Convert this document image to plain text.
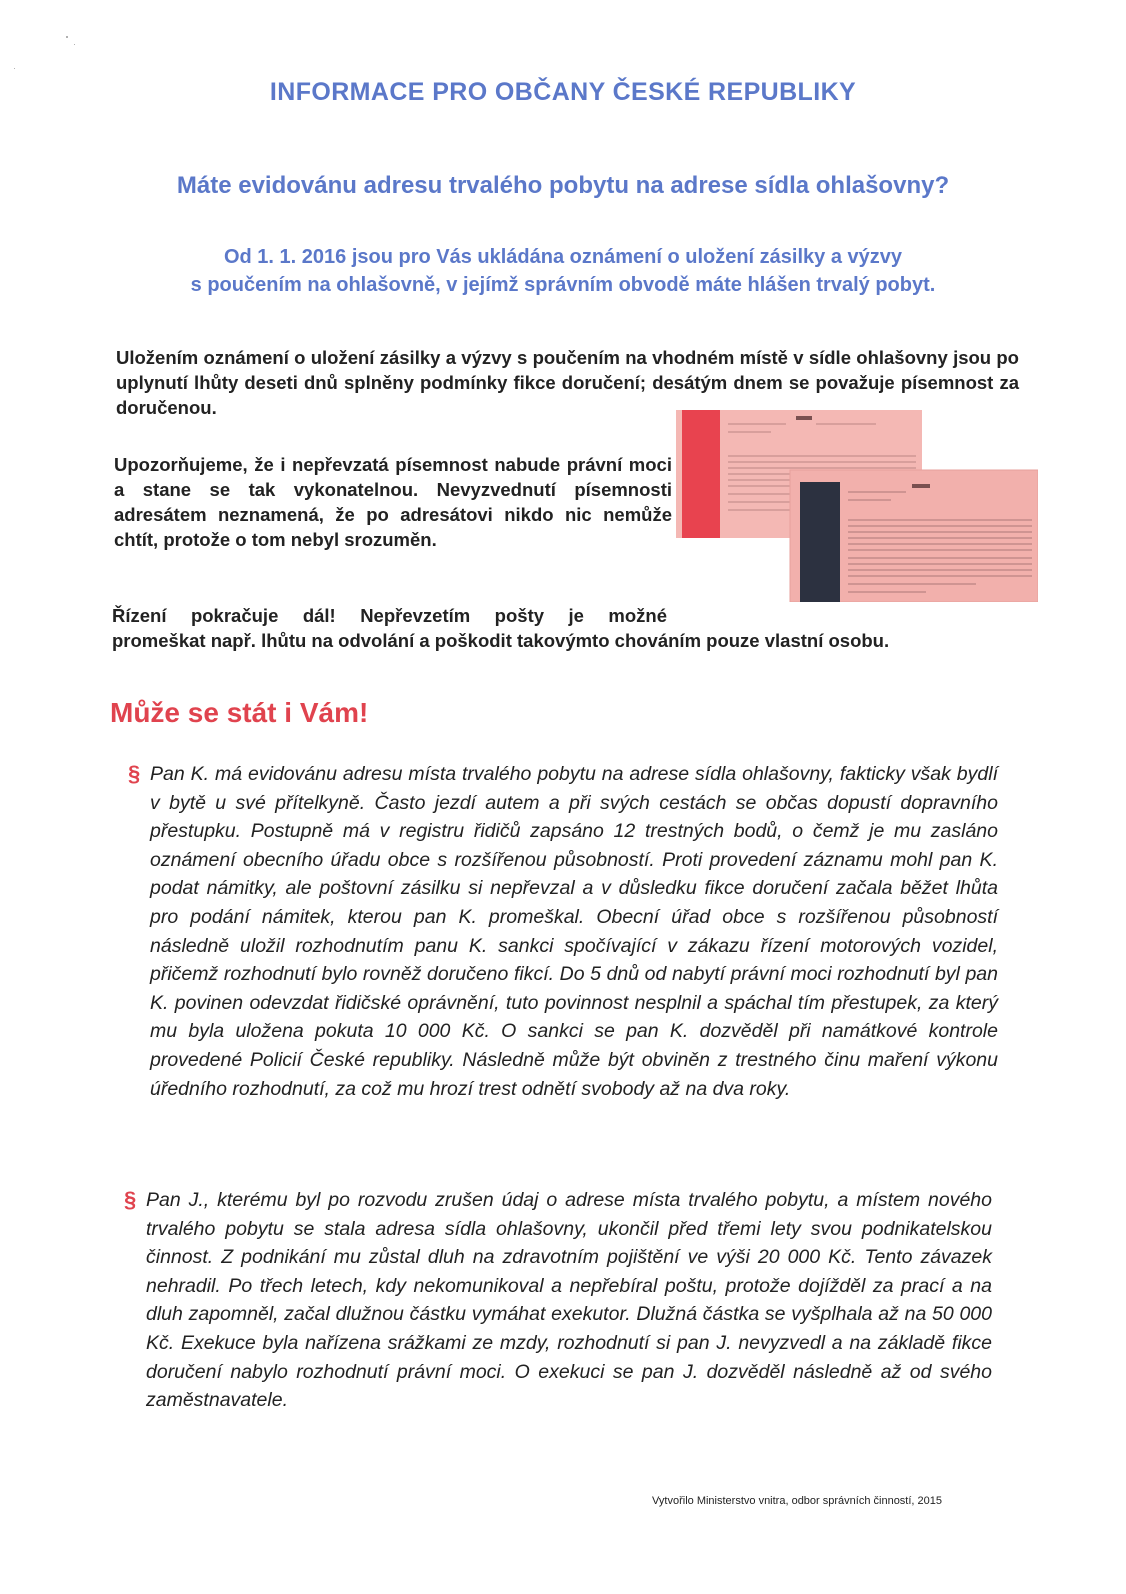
INFORMACE PRO OBČANY ČESKÉ REPUBLIKY
Máte evidovánu adresu trvalého pobytu na adrese sídla ohlašovny?
Od 1. 1. 2016 jsou pro Vás ukládána oznámení o uložení zásilky a výzvy
s poučením na ohlašovně, v jejímž správním obvodě máte hlášen trvalý pobyt.
Uložením oznámení o uložení zásilky a výzvy s poučením na vhodném místě v sídle ohlašovny jsou po uplynutí lhůty deseti dnů splněny podmínky fikce doručení; desátým dnem se považuje písemnost za doručenou.
Upozorňujeme, že i nepřevzatá písemnost nabude právní moci a stane se tak vykonatelnou. Nevyzvednutí písemnosti adresátem neznamená, že po adresátovi nikdo nic nemůže chtít, protože o tom nebyl srozuměn.
Řízení pokračuje dál! Nepřevzetím pošty je možné
promeškat např. lhůtu na odvolání a poškodit takovýmto chováním pouze vlastní osobu.
Může se stát i Vám!
§ Pan K. má evidovánu adresu místa trvalého pobytu na adrese sídla ohlašovny, fakticky však bydlí v bytě u své přítelkyně. Často jezdí autem a při svých cestách se občas dopustí dopravního přestupku. Postupně má v registru řidičů zapsáno 12 trestných bodů, o čemž je mu zasláno oznámení obecního úřadu obce s rozšířenou působností. Proti provedení záznamu mohl pan K. podat námitky, ale poštovní zásilku si nepřevzal a v důsledku fikce doručení začala běžet lhůta pro podání námitek, kterou pan K. promeškal. Obecní úřad obce s rozšířenou působností následně uložil rozhodnutím panu K. sankci spočívající v zákazu řízení motorových vozidel, přičemž rozhodnutí bylo rovněž doručeno fikcí. Do 5 dnů od nabytí právní moci rozhodnutí byl pan K. povinen odevzdat řidičské oprávnění, tuto povinnost nesplnil a spáchal tím přestupek, za který mu byla uložena pokuta 10 000 Kč. O sankci se pan K. dozvěděl při namátkové kontrole provedené Policií České republiky. Následně může být obviněn z trestného činu maření výkonu úředního rozhodnutí, za což mu hrozí trest odnětí svobody až na dva roky.
§ Pan J., kterému byl po rozvodu zrušen údaj o adrese místa trvalého pobytu, a místem nového trvalého pobytu se stala adresa sídla ohlašovny, ukončil před třemi lety svou podnikatelskou činnost. Z podnikání mu zůstal dluh na zdravotním pojištění ve výši 20 000 Kč. Tento závazek nehradil. Po třech letech, kdy nekomunikoval a nepřebíral poštu, protože dojížděl za prací a na dluh zapomněl, začal dlužnou částku vymáhat exekutor. Dlužná částka se vyšplhala až na 50 000 Kč. Exekuce byla nařízena srážkami ze mzdy, rozhodnutí si pan J. nevyzvedl a na základě fikce doručení nabylo rozhodnutí právní moci. O exekuci se pan J. dozvěděl následně až od svého zaměstnavatele.
Vytvořilo Ministerstvo vnitra, odbor správních činností, 2015
